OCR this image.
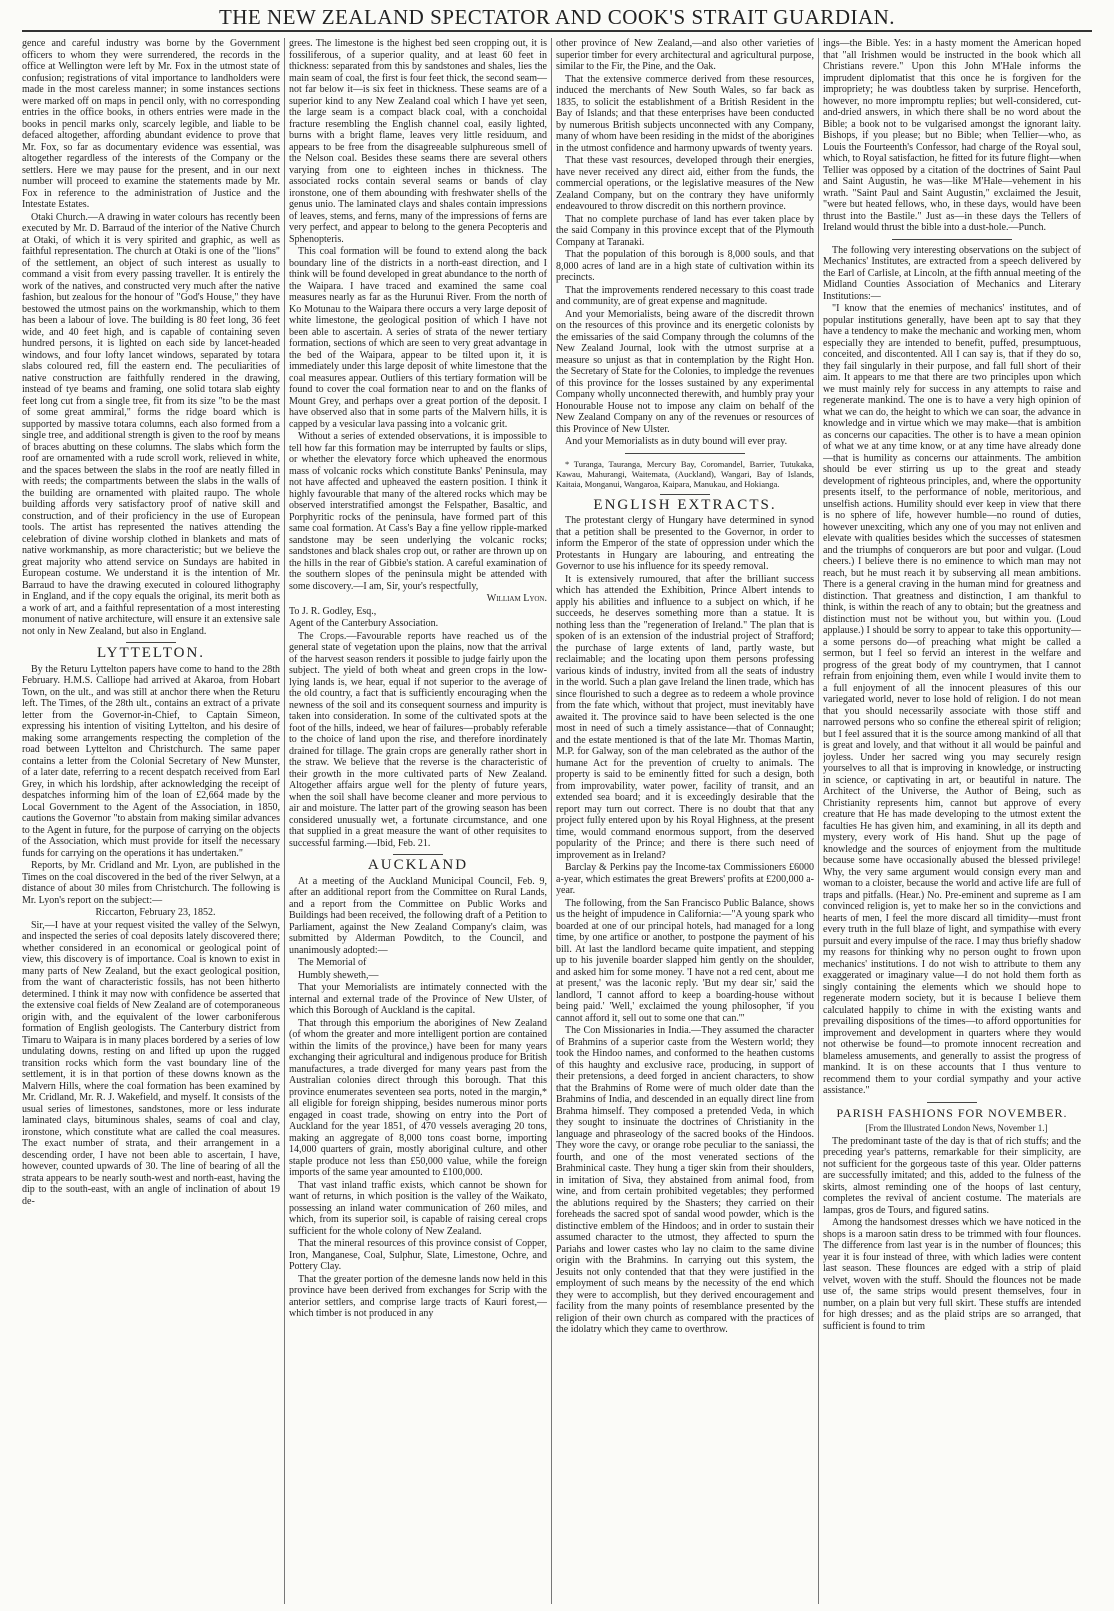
THE NEW ZEALAND SPECTATOR AND COOK'S STRAIT GUARDIAN.

gence and careful industry was borne by the Government officers to whom they were surrendered, the records in the office at Wellington were left by Mr. Fox in the utmost state of confusion; registrations of vital importance to landholders were made in the most careless manner; in some instances sections were marked off on maps in pencil only, with no corresponding entries in the office books, in others entries were made in the books in pencil marks only, scarcely legible, and liable to be defaced altogether, affording abundant evidence to prove that Mr. Fox, so far as documentary evidence was essential, was altogether regardless of the interests of the Company or the settlers. Here we may pause for the present, and in our next number will proceed to examine the statements made by Mr. Fox in reference to the administration of Justice and the Intestate Estates.

Otaki Church.—A drawing in water colours has recently been executed by Mr. D. Barraud of the interior of the Native Church at Otaki, of which it is very spirited and graphic, as well as faithful representation. The church at Otaki is one of the "lions" of the settlement, an object of such interest as usually to command a visit from every passing traveller. It is entirely the work of the natives, and constructed very much after the native fashion, but zealous for the honour of "God's House," they have bestowed the utmost pains on the workmanship, which to them has been a labour of love. The building is 80 feet long, 36 feet wide, and 40 feet high, and is capable of containing seven hundred persons, it is lighted on each side by lancet-headed windows, and four lofty lancet windows, separated by totara slabs coloured red, fill the eastern end. The peculiarities of native construction are faithfully rendered in the drawing, instead of tye beams and framing, one solid totara slab eighty feet long cut from a single tree, fit from its size "to be the mast of some great ammiral," forms the ridge board which is supported by massive totara columns, each also formed from a single tree, and additional strength is given to the roof by means of braces abutting on these columns. The slabs which form the roof are ornamented with a rude scroll work, relieved in white, and the spaces between the slabs in the roof are neatly filled in with reeds; the compartments between the slabs in the walls of the building are ornamented with plaited raupo. The whole building affords very satisfactory proof of native skill and construction, and of their proficiency in the use of European tools. The artist has represented the natives attending the celebration of divine worship clothed in blankets and mats of native workmanship, as more characteristic; but we believe the great majority who attend service on Sundays are habited in European costume. We understand it is the intention of Mr. Barraud to have the drawing executed in coloured lithography in England, and if the copy equals the original, its merit both as a work of art, and a faithful representation of a most interesting monument of native architecture, will ensure it an extensive sale not only in New Zealand, but also in England.

LYTTELTON.

By the Returu Lyttelton papers have come to hand to the 28th February. H.M.S. Calliope had arrived at Akaroa, from Hobart Town, on the ult., and was still at anchor there when the Returu left. The Times, of the 28th ult., contains an extract of a private letter from the Governor-in-Chief, to Captain Simeon, expressing his intention of visiting Lyttelton, and his desire of making some arrangements respecting the completion of the road between Lyttelton and Christchurch. The same paper contains a letter from the Colonial Secretary of New Munster, of a later date, referring to a recent despatch received from Earl Grey, in which his lordship, after acknowledging the receipt of despatches informing him of the loan of £2,664 made by the Local Government to the Agent of the Association, in 1850, cautions the Governor "to abstain from making similar advances to the Agent in future, for the purpose of carrying on the objects of the Association, which must provide for itself the necessary funds for carrying on the operations it has undertaken."

Reports, by Mr. Cridland and Mr. Lyon, are published in the Times on the coal discovered in the bed of the river Selwyn, at a distance of about 30 miles from Christchurch. The following is Mr. Lyon's report on the subject:—

Riccarton, February 23, 1852.

Sir,—I have at your request visited the valley of the Selwyn, and inspected the series of coal deposits lately discovered there; whether considered in an economical or geological point of view, this discovery is of importance. Coal is known to exist in many parts of New Zealand, but the exact geological position, from the want of characteristic fossils, has not been hitherto determined. I think it may now with confidence be asserted that the extensive coal fields of New Zealand are of cotemporaneous origin with, and the equivalent of the lower carboniferous formation of English geologists. The Canterbury district from Timaru to Waipara is in many places bordered by a series of low undulating downs, resting on and lifted up upon the rugged transition rocks which form the vast boundary line of the settlement, it is in that portion of these downs known as the Malvern Hills, where the coal formation has been examined by Mr. Cridland, Mr. R. J. Wakefield, and myself. It consists of the usual series of limestones, sandstones, more or less indurate laminated clays, bituminous shales, seams of coal and clay, ironstone, which constitute what are called the coal measures. The exact number of strata, and their arrangement in a descending order, I have not been able to ascertain, I have, however, counted upwards of 30. The line of bearing of all the strata appears to be nearly south-west and north-east, having the dip to the south-east, with an angle of inclination of about 19 de-

grees. The limestone is the highest bed seen cropping out, it is fossiliferous, of a superior quality, and at least 60 feet in thickness: separated from this by sandstones and shales, lies the main seam of coal, the first is four feet thick, the second seam—not far below it—is six feet in thickness. These seams are of a superior kind to any New Zealand coal which I have yet seen, the large seam is a compact black coal, with a conchoidal fracture resembling the English channel coal, easily lighted, burns with a bright flame, leaves very little residuum, and appears to be free from the disagreeable sulphureous smell of the Nelson coal. Besides these seams there are several others varying from one to eighteen inches in thickness. The associated rocks contain several seams or bands of clay ironstone, one of them abounding with freshwater shells of the genus unio. The laminated clays and shales contain impressions of leaves, stems, and ferns, many of the impressions of ferns are very perfect, and appear to belong to the genera Pecopteris and Sphenopteris.

This coal formation will be found to extend along the back boundary line of the districts in a north-east direction, and I think will be found developed in great abundance to the north of the Waipara. I have traced and examined the same coal measures nearly as far as the Hurunui River. From the north of Ko Motunau to the Waipara there occurs a very large deposit of white limestone, the geological position of which I have not been able to ascertain. A series of strata of the newer tertiary formation, sections of which are seen to very great advantage in the bed of the Waipara, appear to be tilted upon it, it is immediately under this large deposit of white limestone that the coal measures appear. Outliers of this tertiary formation will be found to cover the coal formation near to and on the flanks of Mount Grey, and perhaps over a great portion of the deposit. I have observed also that in some parts of the Malvern hills, it is capped by a vesicular lava passing into a volcanic grit.

Without a series of extended observations, it is impossible to tell how far this formation may be interrupted by faults or slips, or whether the elevatory force which upheaved the enormous mass of volcanic rocks which constitute Banks' Peninsula, may not have affected and upheaved the eastern position. I think it highly favourable that many of the altered rocks which may be observed interstratified amongst the Felspather, Basaltic, and Porphyritic rocks of the peninsula, have formed part of this same coal formation. At Cass's Bay a fine yellow ripple-marked sandstone may be seen underlying the volcanic rocks; sandstones and black shales crop out, or rather are thrown up on the hills in the rear of Gibbie's station. A careful examination of the southern slopes of the peninsula might be attended with some discovery.—I am, Sir, your's respectfully,

William Lyon.

To J. R. Godley, Esq.,

Agent of the Canterbury Association.

The Crops.—Favourable reports have reached us of the general state of vegetation upon the plains, now that the arrival of the harvest season renders it possible to judge fairly upon the subject. The yield of both wheat and green crops in the low-lying lands is, we hear, equal if not superior to the average of the old country, a fact that is sufficiently encouraging when the newness of the soil and its consequent sourness and impurity is taken into consideration. In some of the cultivated spots at the foot of the hills, indeed, we hear of failures—probably referable to the choice of land upon the rise, and therefore inordinately drained for tillage. The grain crops are generally rather short in the straw. We believe that the reverse is the characteristic of their growth in the more cultivated parts of New Zealand. Altogether affairs argue well for the plenty of future years, when the soil shall have become cleaner and more pervious to air and moisture. The latter part of the growing season has been considered unusually wet, a fortunate circumstance, and one that supplied in a great measure the want of other requisites to successful farming.—Ibid, Feb. 21.

AUCKLAND

At a meeting of the Auckland Municipal Council, Feb. 9, after an additional report from the Committee on Rural Lands, and a report from the Committee on Public Works and Buildings had been received, the following draft of a Petition to Parliament, against the New Zealand Company's claim, was submitted by Alderman Powditch, to the Council, and unanimously adopted:—

The Memorial of

Humbly sheweth,—

That your Memorialists are intimately connected with the internal and external trade of the Province of New Ulster, of which this Borough of Auckland is the capital.

That through this emporium the aborigines of New Zealand (of whom the greater and more intelligent portion are contained within the limits of the province,) have been for many years exchanging their agricultural and indigenous produce for British manufactures, a trade diverged for many years past from the Australian colonies direct through this borough. That this province enumerates seventeen sea ports, noted in the margin,* all eligible for foreign shipping, besides numerous minor ports engaged in coast trade, showing on entry into the Port of Auckland for the year 1851, of 470 vessels averaging 20 tons, making an aggregate of 8,000 tons coast borne, importing 14,000 quarters of grain, mostly aboriginal culture, and other staple produce not less than £50,000 value, while the foreign imports of the same year amounted to £100,000.

That vast inland traffic exists, which cannot be shown for want of returns, in which position is the valley of the Waikato, possessing an inland water communication of 260 miles, and which, from its superior soil, is capable of raising cereal crops sufficient for the whole colony of New Zealand.

That the mineral resources of this province consist of Copper, Iron, Manganese, Coal, Sulphur, Slate, Limestone, Ochre, and Pottery Clay.

That the greater portion of the demesne lands now held in this province have been derived from exchanges for Scrip with the anterior settlers, and comprise large tracts of Kauri forest,—which timber is not produced in any

other province of New Zealand,—and also other varieties of superior timber for every architectural and agricultural purpose, similar to the Fir, the Pine, and the Oak.

That the extensive commerce derived from these resources, induced the merchants of New South Wales, so far back as 1835, to solicit the establishment of a British Resident in the Bay of Islands; and that these enterprises have been conducted by numerous British subjects unconnected with any Company, many of whom have been residing in the midst of the aborigines in the utmost confidence and harmony upwards of twenty years.

That these vast resources, developed through their energies, have never received any direct aid, either from the funds, the commercial operations, or the legislative measures of the New Zealand Company, but on the contrary they have uniformly endeavoured to throw discredit on this northern province.

That no complete purchase of land has ever taken place by the said Company in this province except that of the Plymouth Company at Taranaki.

That the population of this borough is 8,000 souls, and that 8,000 acres of land are in a high state of cultivation within its precincts.

That the improvements rendered necessary to this coast trade and community, are of great expense and magnitude.

And your Memorialists, being aware of the discredit thrown on the resources of this province and its energetic colonists by the emissaries of the said Company through the columns of the New Zealand Journal, look with the utmost surprise at a measure so unjust as that in contemplation by the Right Hon. the Secretary of State for the Colonies, to impledge the revenues of this province for the losses sustained by any experimental Company wholly unconnected therewith, and humbly pray your Honourable House not to impose any claim on behalf of the New Zealand Company on any of the revenues or resources of this Province of New Ulster.

And your Memorialists as in duty bound will ever pray.

* Turanga, Tauranga, Mercury Bay, Coromandel, Barrier, Tutukaka, Kawau, Mahurangi, Waitemata, (Auckland), Wangari, Bay of Islands, Kaitaia, Monganui, Wangaroa, Kaipara, Manukau, and Hokianga.

ENGLISH EXTRACTS.

The protestant clergy of Hungary have determined in synod that a petition shall be presented to the Governor, in order to inform the Emperor of the state of oppression under which the Protestants in Hungary are labouring, and entreating the Governor to use his influence for its speedy removal.

It is extensively rumoured, that after the brilliant success which has attended the Exhibition, Prince Albert intends to apply his abilities and influence to a subject on which, if he succeeds, he deserves something more than a statue. It is nothing less than the "regeneration of Ireland." The plan that is spoken of is an extension of the industrial project of Strafford; the purchase of large extents of land, partly waste, but reclaimable; and the locating upon them persons professing various kinds of industry, invited from all the seats of industry in the world. Such a plan gave Ireland the linen trade, which has since flourished to such a degree as to redeem a whole province from the fate which, without that project, must inevitably have awaited it. The province said to have been selected is the one most in need of such a timely assistance—that of Connaught; and the estate mentioned is that of the late Mr. Thomas Martin, M.P. for Galway, son of the man celebrated as the author of the humane Act for the prevention of cruelty to animals. The property is said to be eminently fitted for such a design, both from improvability, water power, facility of transit, and an extended sea board; and it is exceedingly desirable that the report may turn out correct. There is no doubt that that any project fully entered upon by his Royal Highness, at the present time, would command enormous support, from the deserved popularity of the Prince; and there is there such need of improvement as in Ireland?

Barclay & Perkins pay the Income-tax Commissioners £6000 a-year, which estimates the great Brewers' profits at £200,000 a-year.

The following, from the San Francisco Public Balance, shows us the height of impudence in California:—"A young spark who boarded at one of our principal hotels, had managed for a long time, by one artifice or another, to postpone the payment of his bill. At last the landlord became quite impatient, and stepping up to his juvenile boarder slapped him gently on the shoulder, and asked him for some money. 'I have not a red cent, about me at present,' was the laconic reply. 'But my dear sir,' said the landlord, 'I cannot afford to keep a boarding-house without being paid.' 'Well,' exclaimed the young philosopher, 'if you cannot afford it, sell out to some one that can.'"

The Con Missionaries in India.—They assumed the character of Brahmins of a superior caste from the Western world; they took the Hindoo names, and conformed to the heathen customs of this haughty and exclusive race, producing, in support of their pretensions, a deed forged in ancient characters, to show that the Brahmins of Rome were of much older date than the Brahmins of India, and descended in an equally direct line from Brahma himself. They composed a pretended Veda, in which they sought to insinuate the doctrines of Christianity in the language and phraseology of the sacred books of the Hindoos. They wore the cavy, or orange robe peculiar to the saniassi, the fourth, and one of the most venerated sections of the Brahminical caste. They hung a tiger skin from their shoulders, in imitation of Siva, they abstained from animal food, from wine, and from certain prohibited vegetables; they performed the ablutions required by the Shasters; they carried on their foreheads the sacred spot of sandal wood powder, which is the distinctive emblem of the Hindoos; and in order to sustain their assumed character to the utmost, they affected to spurn the Pariahs and lower castes who lay no claim to the same divine origin with the Brahmins. In carrying out this system, the Jesuits not only contended that that they were justified in the employment of such means by the necessity of the end which they were to accomplish, but they derived encouragement and facility from the many points of resemblance presented by the religion of their own church as compared with the practices of the idolatry which they came to overthrow.

ings—the Bible. Yes: in a hasty moment the American hoped that "all Irishmen would be instructed in the book which all Christians revere." Upon this John M'Hale informs the imprudent diplomatist that this once he is forgiven for the impropriety; he was doubtless taken by surprise. Henceforth, however, no more impromptu replies; but well-considered, cut-and-dried answers, in which there shall be no word about the Bible; a book not to be vulgarised amongst the ignorant laity. Bishops, if you please; but no Bible; when Tellier—who, as Louis the Fourteenth's Confessor, had charge of the Royal soul, which, to Royal satisfaction, he fitted for its future flight—when Tellier was opposed by a citation of the doctrines of Saint Paul and Saint Augustin, he was—like M'Hale—vehement in his wrath. "Saint Paul and Saint Augustin," exclaimed the Jesuit, "were but heated fellows, who, in these days, would have been thrust into the Bastile." Just as—in these days the Tellers of Ireland would thrust the bible into a dust-hole.—Punch.

The following very interesting observations on the subject of Mechanics' Institutes, are extracted from a speech delivered by the Earl of Carlisle, at Lincoln, at the fifth annual meeting of the Midland Counties Association of Mechanics and Literary Institutions:—

"I know that the enemies of mechanics' institutes, and of popular institutions generally, have been apt to say that they have a tendency to make the mechanic and working men, whom especially they are intended to benefit, puffed, presumptuous, conceited, and discontented. All I can say is, that if they do so, they fail singularly in their purpose, and fall full short of their aim. It appears to me that there are two principles upon which we must mainly rely for success in any attempts to raise and regenerate mankind. The one is to have a very high opinion of what we can do, the height to which we can soar, the advance in knowledge and in virtue which we may make—that is ambition as concerns our capacities. The other is to have a mean opinion of what we at any time know, or at any time have already done—that is humility as concerns our attainments. The ambition should be ever stirring us up to the great and steady development of righteous principles, and, where the opportunity presents itself, to the performance of noble, meritorious, and unselfish actions. Humility should ever keep in view that there is no sphere of life, however humble—no round of duties, however unexciting, which any one of you may not enliven and elevate with qualities besides which the successes of statesmen and the triumphs of conquerors are but poor and vulgar. (Loud cheers.) I believe there is no eminence to which man may not reach, but he must reach it by subserving all mean ambitions. There is a general craving in the human mind for greatness and distinction. That greatness and distinction, I am thankful to think, is within the reach of any to obtain; but the greatness and distinction must not be without you, but within you. (Loud applause.) I should be sorry to appear to take this opportunity—a some persons do—of preaching what might be called a sermon, but I feel so fervid an interest in the welfare and progress of the great body of my countrymen, that I cannot refrain from enjoining them, even while I would invite them to a full enjoyment of all the innocent pleasures of this our variegated world, never to lose hold of religion. I do not mean that you should necessarily associate with those stiff and narrowed persons who so confine the ethereal spirit of religion; but I feel assured that it is the source among mankind of all that is great and lovely, and that without it all would be painful and joyless. Under her sacred wing you may securely resign yourselves to all that is improving in knowledge, or instructing in science, or captivating in art, or beautiful in nature. The Architect of the Universe, the Author of Being, such as Christianity represents him, cannot but approve of every creature that He has made developing to the utmost extent the faculties He has given him, and examining, in all its depth and mystery, every work of His hand. Shut up the page of knowledge and the sources of enjoyment from the multitude because some have occasionally abused the blessed privilege! Why, the very same argument would consign every man and woman to a cloister, because the world and active life are full of traps and pitfalls. (Hear.) No. Pre-eminent and supreme as I am convinced religion is, yet to make her so in the convictions and hearts of men, I feel the more discard all timidity—must front every truth in the full blaze of light, and sympathise with every pursuit and every impulse of the race. I may thus briefly shadow my reasons for thinking why no person ought to frown upon mechanics' institutions. I do not wish to attribute to them any exaggerated or imaginary value—I do not hold them forth as singly containing the elements which we should hope to regenerate modern society, but it is because I believe them calculated happily to chime in with the existing wants and prevailing dispositions of the times—to afford opportunities for improvement and development in quarters where they would not otherwise be found—to promote innocent recreation and blameless amusements, and generally to assist the progress of mankind. It is on these accounts that I thus venture to recommend them to your cordial sympathy and your active assistance."

PARISH FASHIONS FOR NOVEMBER.

[From the Illustrated London News, November 1.]

The predominant taste of the day is that of rich stuffs; and the preceding year's patterns, remarkable for their simplicity, are not sufficient for the gorgeous taste of this year. Older patterns are successfully imitated; and this, added to the fulness of the skirts, almost reminding one of the hoops of last century, completes the revival of ancient costume. The materials are lampas, gros de Tours, and figured satins.

Among the handsomest dresses which we have noticed in the shops is a maroon satin dress to be trimmed with four flounces. The difference from last year is in the number of flounces; this year it is four instead of three, with which ladies were content last season. These flounces are edged with a strip of plaid velvet, woven with the stuff. Should the flounces not be made use of, the same strips would present themselves, four in number, on a plain but very full skirt. These stuffs are intended for high dresses; and as the plaid strips are so arranged, that sufficient is found to trim
